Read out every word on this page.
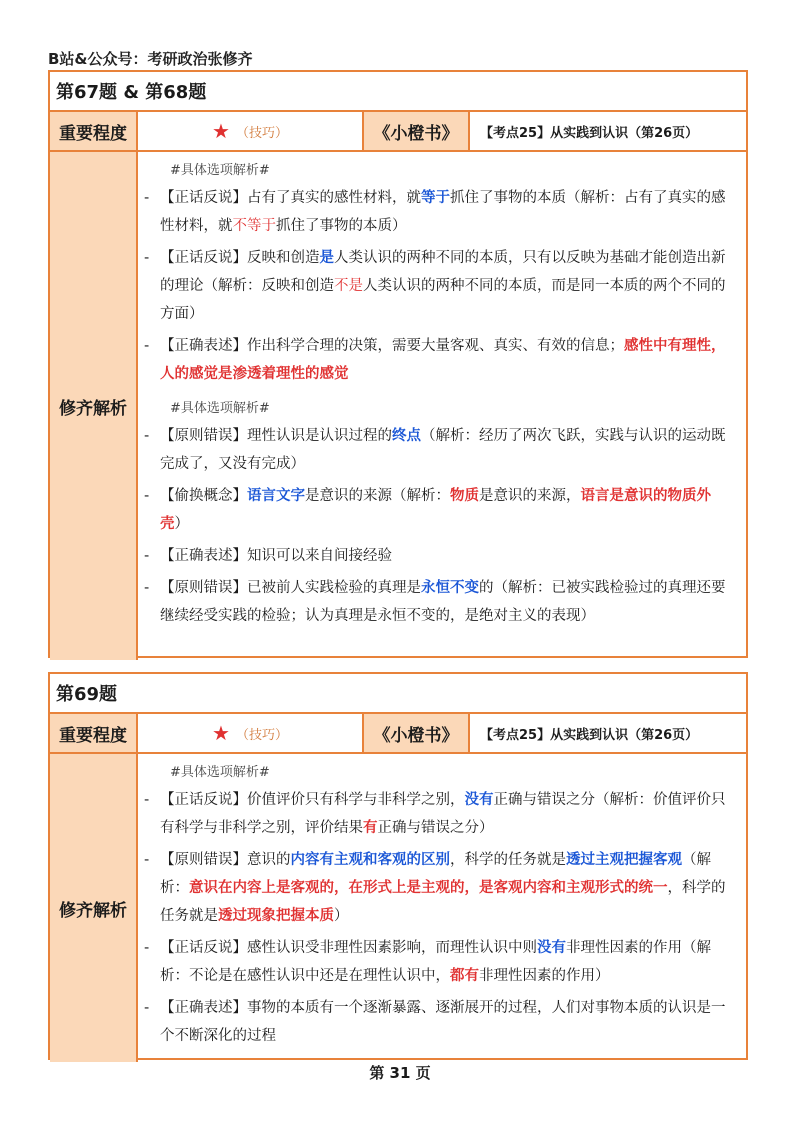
B站&公众号：考研政治张修齐
第67题 & 第68题
重要程度	★ （技巧）	《小橙书》	【考点25】从实践到认识（第26页）
修齐解析
#具体选项解析#
- 【正话反说】占有了真实的感性材料，就等于抓住了事物的本质（解析：占有了真实的感性材料，就不等于抓住了事物的本质）
- 【正话反说】反映和创造是人类认识的两种不同的本质，只有以反映为基础才能创造出新的理论（解析：反映和创造不是人类认识的两种不同的本质，而是同一本质的两个不同的方面）
- 【正确表述】作出科学合理的决策，需要大量客观、真实、有效的信息；感性中有理性，人的感觉是渗透着理性的感觉
#具体选项解析#
- 【原则错误】理性认识是认识过程的终点（解析：经历了两次飞跃，实践与认识的运动既完成了，又没有完成）
- 【偷换概念】语言文字是意识的来源（解析：物质是意识的来源，语言是意识的物质外壳）
- 【正确表述】知识可以来自间接经验
- 【原则错误】已被前人实践检验的真理是永恒不变的（解析：已被实践检验过的真理还要继续经受实践的检验；认为真理是永恒不变的，是绝对主义的表现）
第69题
重要程度	★ （技巧）	《小橙书》	【考点25】从实践到认识（第26页）
修齐解析
#具体选项解析#
- 【正话反说】价值评价只有科学与非科学之别，没有正确与错误之分（解析：价值评价只有科学与非科学之别，评价结果有正确与错误之分）
- 【原则错误】意识的内容有主观和客观的区别，科学的任务就是透过主观把握客观（解析：意识在内容上是客观的，在形式上是主观的，是客观内容和主观形式的统一，科学的任务就是透过现象把握本质）
- 【正话反说】感性认识受非理性因素影响，而理性认识中则没有非理性因素的作用（解析：不论是在感性认识中还是在理性认识中，都有非理性因素的作用）
- 【正确表述】事物的本质有一个逐渐暴露、逐渐展开的过程，人们对事物本质的认识是一个不断深化的过程
第 31 页
